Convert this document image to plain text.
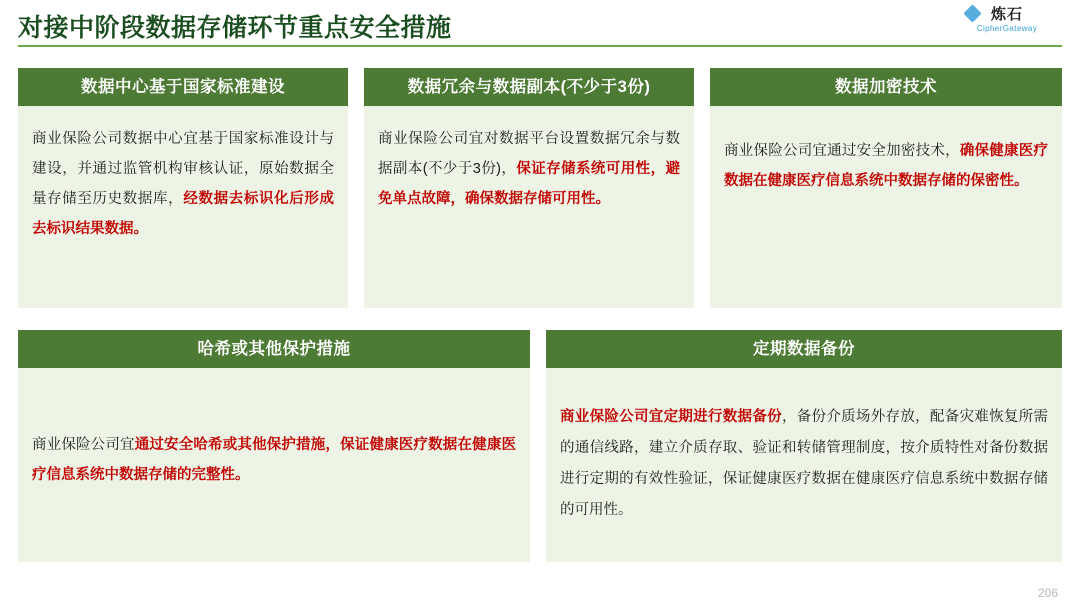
对接中阶段数据存储环节重点安全措施	炼石
CipherGateway
数据中心基于国家标准建设
商业保险公司数据中心宜基于国家标准设计与建设，并通过监管机构审核认证，原始数据全量存储至历史数据库，经数据去标识化后形成去标识结果数据。
数据冗余与数据副本(不少于3份)
商业保险公司宜对数据平台设置数据冗余与数据副本(不少于3份)，保证存储系统可用性，避免单点故障，确保数据存储可用性。
数据加密技术
商业保险公司宜通过安全加密技术，确保健康医疗数据在健康医疗信息系统中数据存储的保密性。
哈希或其他保护措施
商业保险公司宜通过安全哈希或其他保护措施，保证健康医疗数据在健康医疗信息系统中数据存储的完整性。
定期数据备份
商业保险公司宜定期进行数据备份，备份介质场外存放，配备灾难恢复所需的通信线路，建立介质存取、验证和转储管理制度，按介质特性对备份数据进行定期的有效性验证，保证健康医疗数据在健康医疗信息系统中数据存储的可用性。
206
